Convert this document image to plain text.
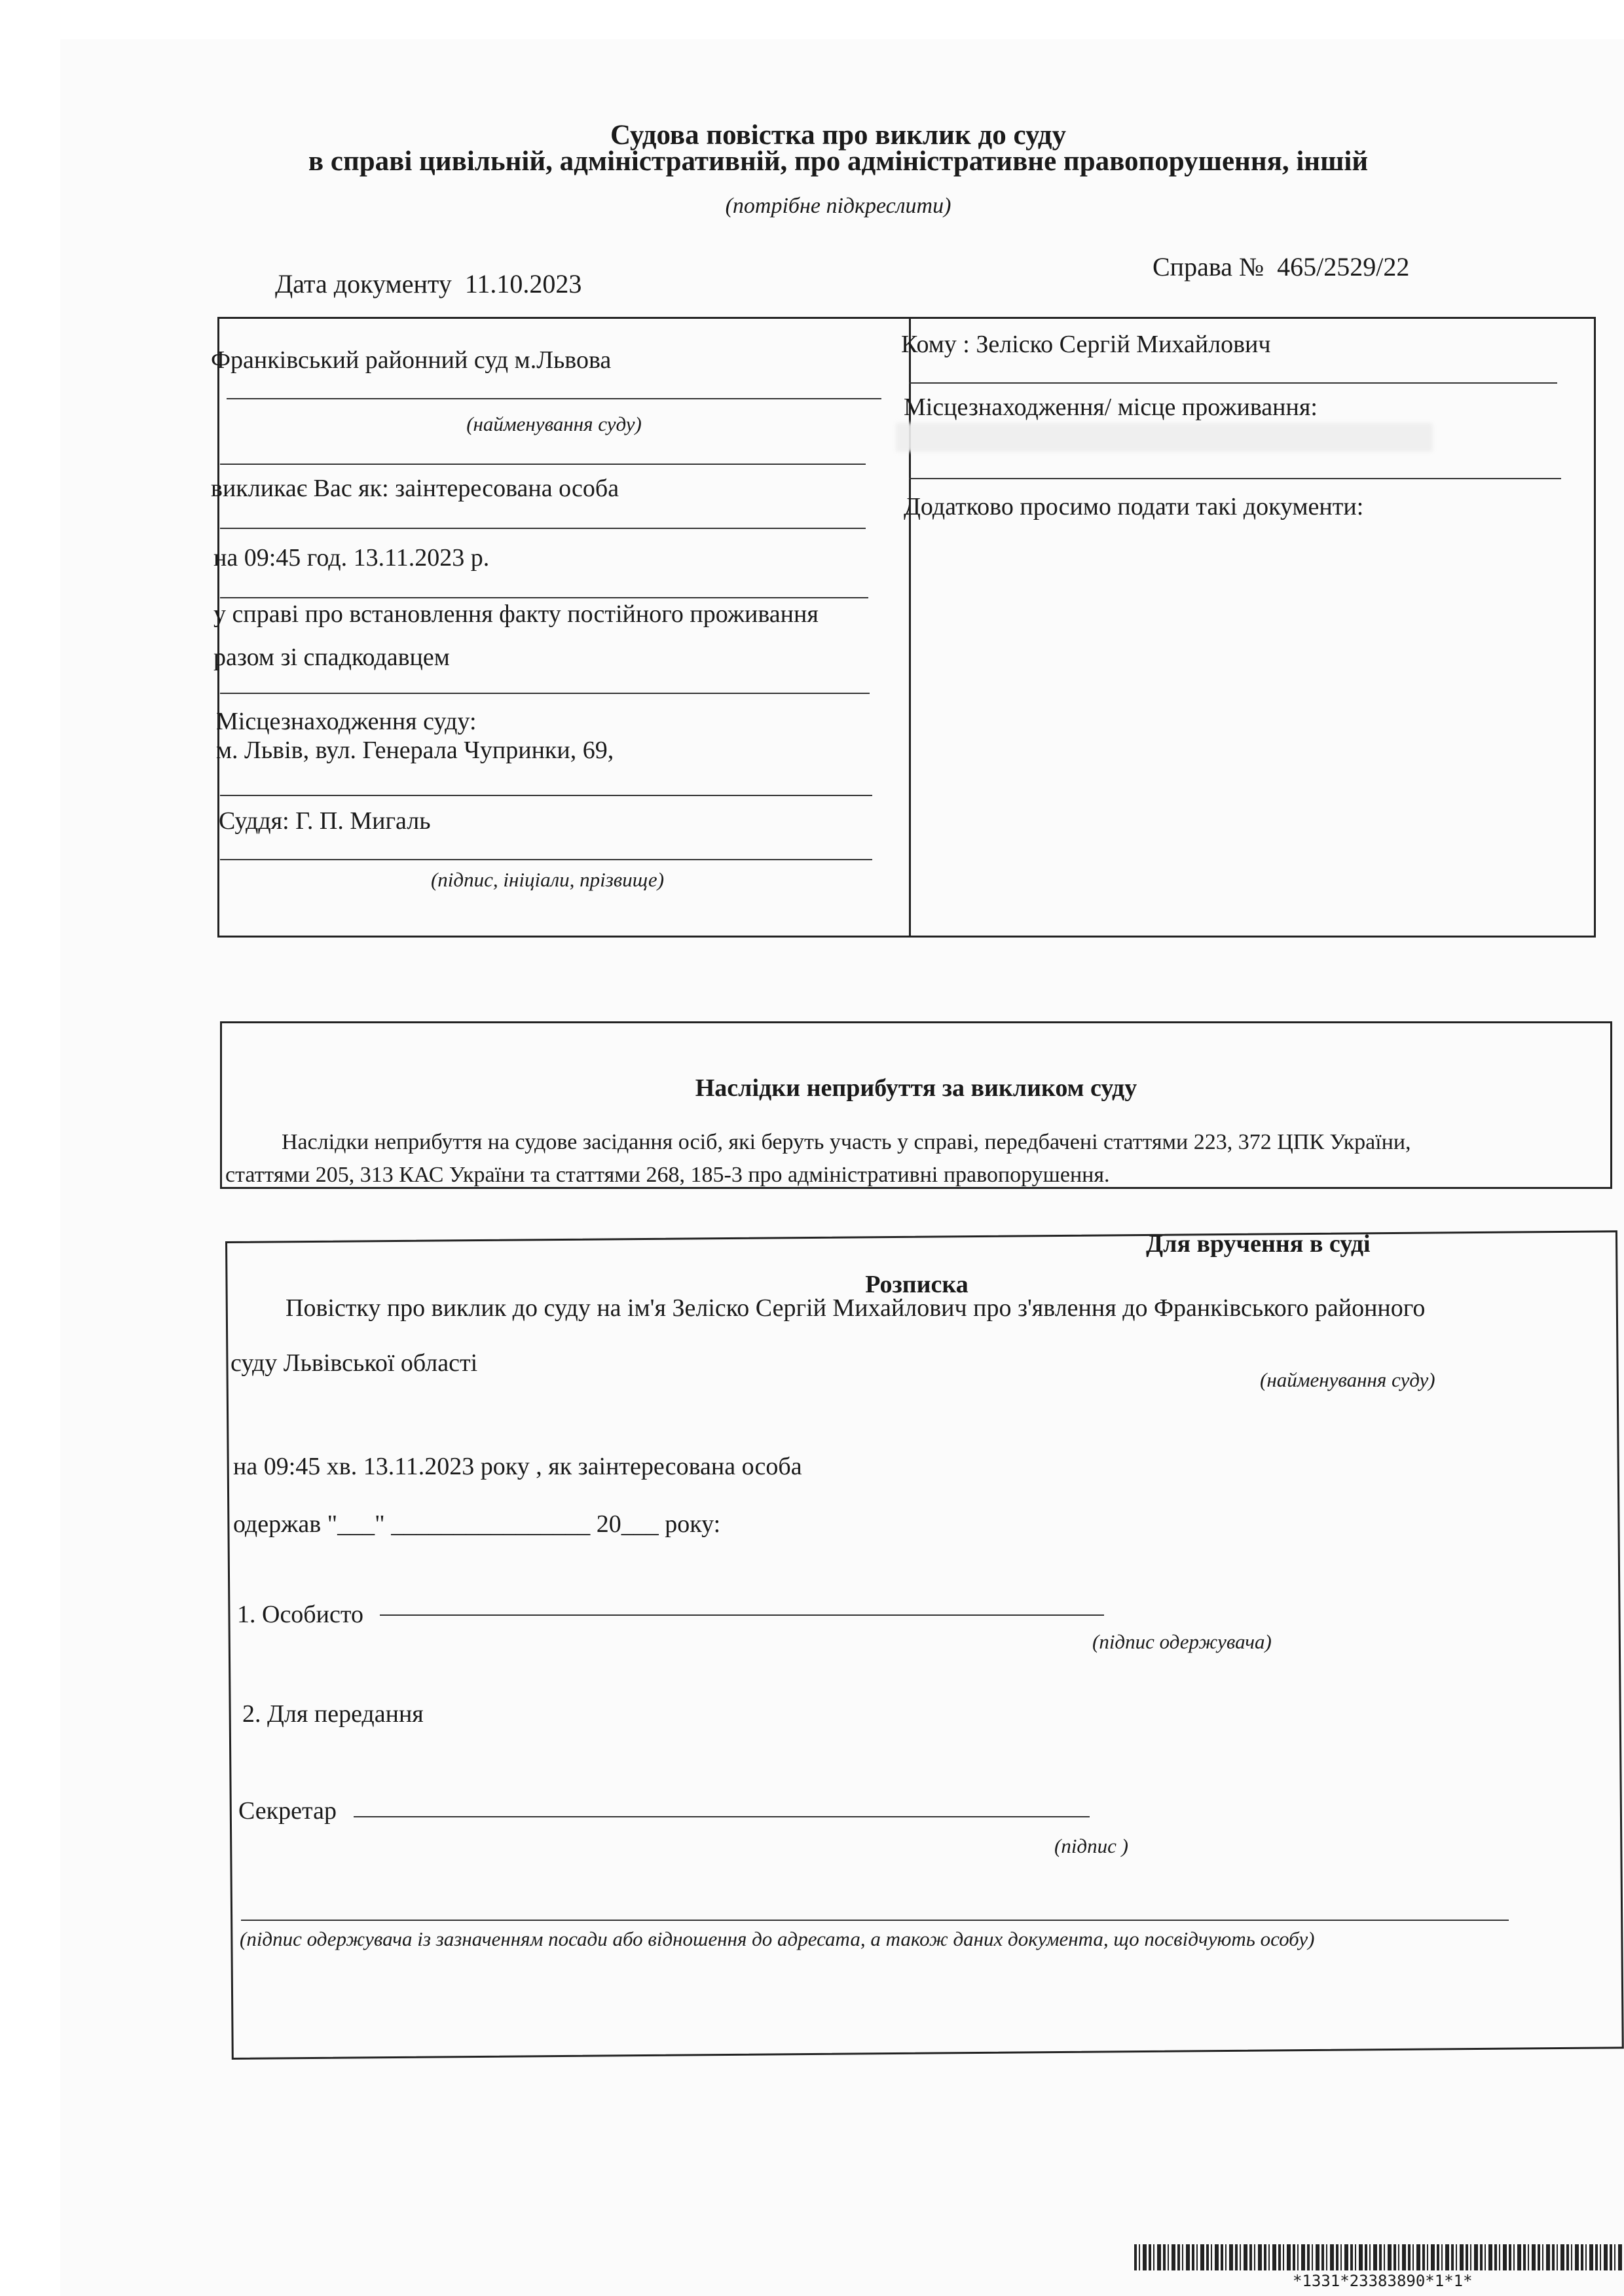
Судова повістка про виклик до суду
в справі цивільній, адміністративній, про адміністративне правопорушення, іншій
(потрібне підкреслити)
Дата документу 11.10.2023
Справа № 465/2529/22
Франківський районний суд м.Львова
(найменування суду)
викликає Вас як: заінтересована особа
на 09:45 год. 13.11.2023 р.
у справі про встановлення факту постійного проживання
разом зі спадкодавцем
Місцезнаходження суду:
м. Львів, вул. Генерала Чупринки, 69,
Суддя: Г. П. Мигаль
(підпис, ініціали, прізвище)
Кому : Зеліско Сергій Михайлович
Місцезнаходження/ місце проживання:
Додатково просимо подати такі документи:
Наслідки неприбуття за викликом суду
Наслідки неприбуття на судове засідання осіб, які беруть участь у справі, передбачені статтями 223, 372 ЦПК України,
статтями 205, 313 КАС України та статтями 268, 185-3 про адміністративні правопорушення.
Для вручення в суді
Розписка
Повістку про виклик до суду на ім'я Зеліско Сергій Михайлович про з'явлення до Франківського районного
суду Львівської області
(найменування суду)
на 09:45 хв. 13.11.2023 року , як заінтересована особа
одержав "___" ________________ 20___ року:
1. Особисто
(підпис одержувача)
2. Для передання
Секретар
(підпис )
(підпис одержувача із зазначенням посади або відношення до адресата, а також даних документа, що посвідчують особу)
*1331*23383890*1*1*
